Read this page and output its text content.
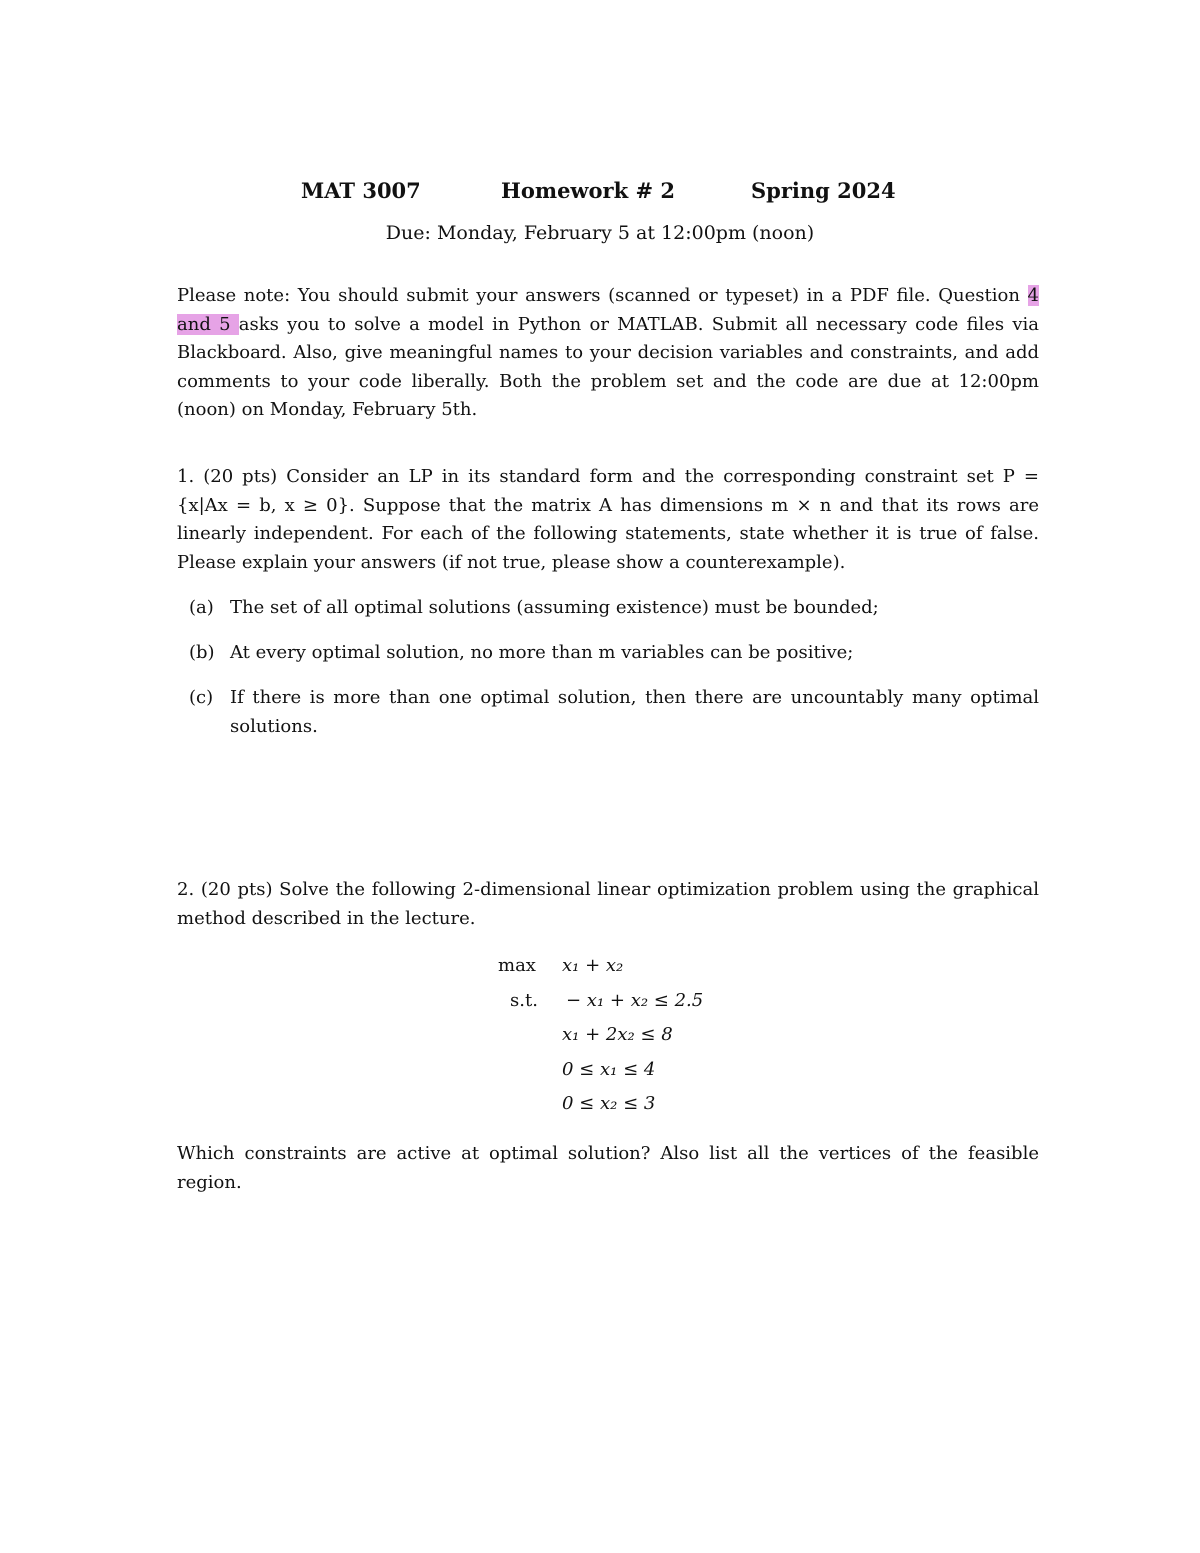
MAT 3007	Homework # 2	Spring 2024
Due: Monday, February 5 at 12:00pm (noon)
Please note: You should submit your answers (scanned or typeset) in a PDF file. Question 4 and 5 asks you to solve a model in Python or MATLAB. Submit all necessary code files via Blackboard. Also, give meaningful names to your decision variables and constraints, and add comments to your code liberally. Both the problem set and the code are due at 12:00pm (noon) on Monday, February 5th.
1. (20 pts) Consider an LP in its standard form and the corresponding constraint set P = {x|Ax = b, x ≥ 0}. Suppose that the matrix A has dimensions m × n and that its rows are linearly independent. For each of the following statements, state whether it is true of false. Please explain your answers (if not true, please show a counterexample).
(a) The set of all optimal solutions (assuming existence) must be bounded;
(b) At every optimal solution, no more than m variables can be positive;
(c) If there is more than one optimal solution, then there are uncountably many optimal solutions.
2. (20 pts) Solve the following 2-dimensional linear optimization problem using the graphical method described in the lecture.
max	x₁ + x₂
s.t.	− x₁ + x₂ ≤ 2.5
x₁ + 2x₂ ≤ 8
0 ≤ x₁ ≤ 4
0 ≤ x₂ ≤ 3
Which constraints are active at optimal solution? Also list all the vertices of the feasible region.
